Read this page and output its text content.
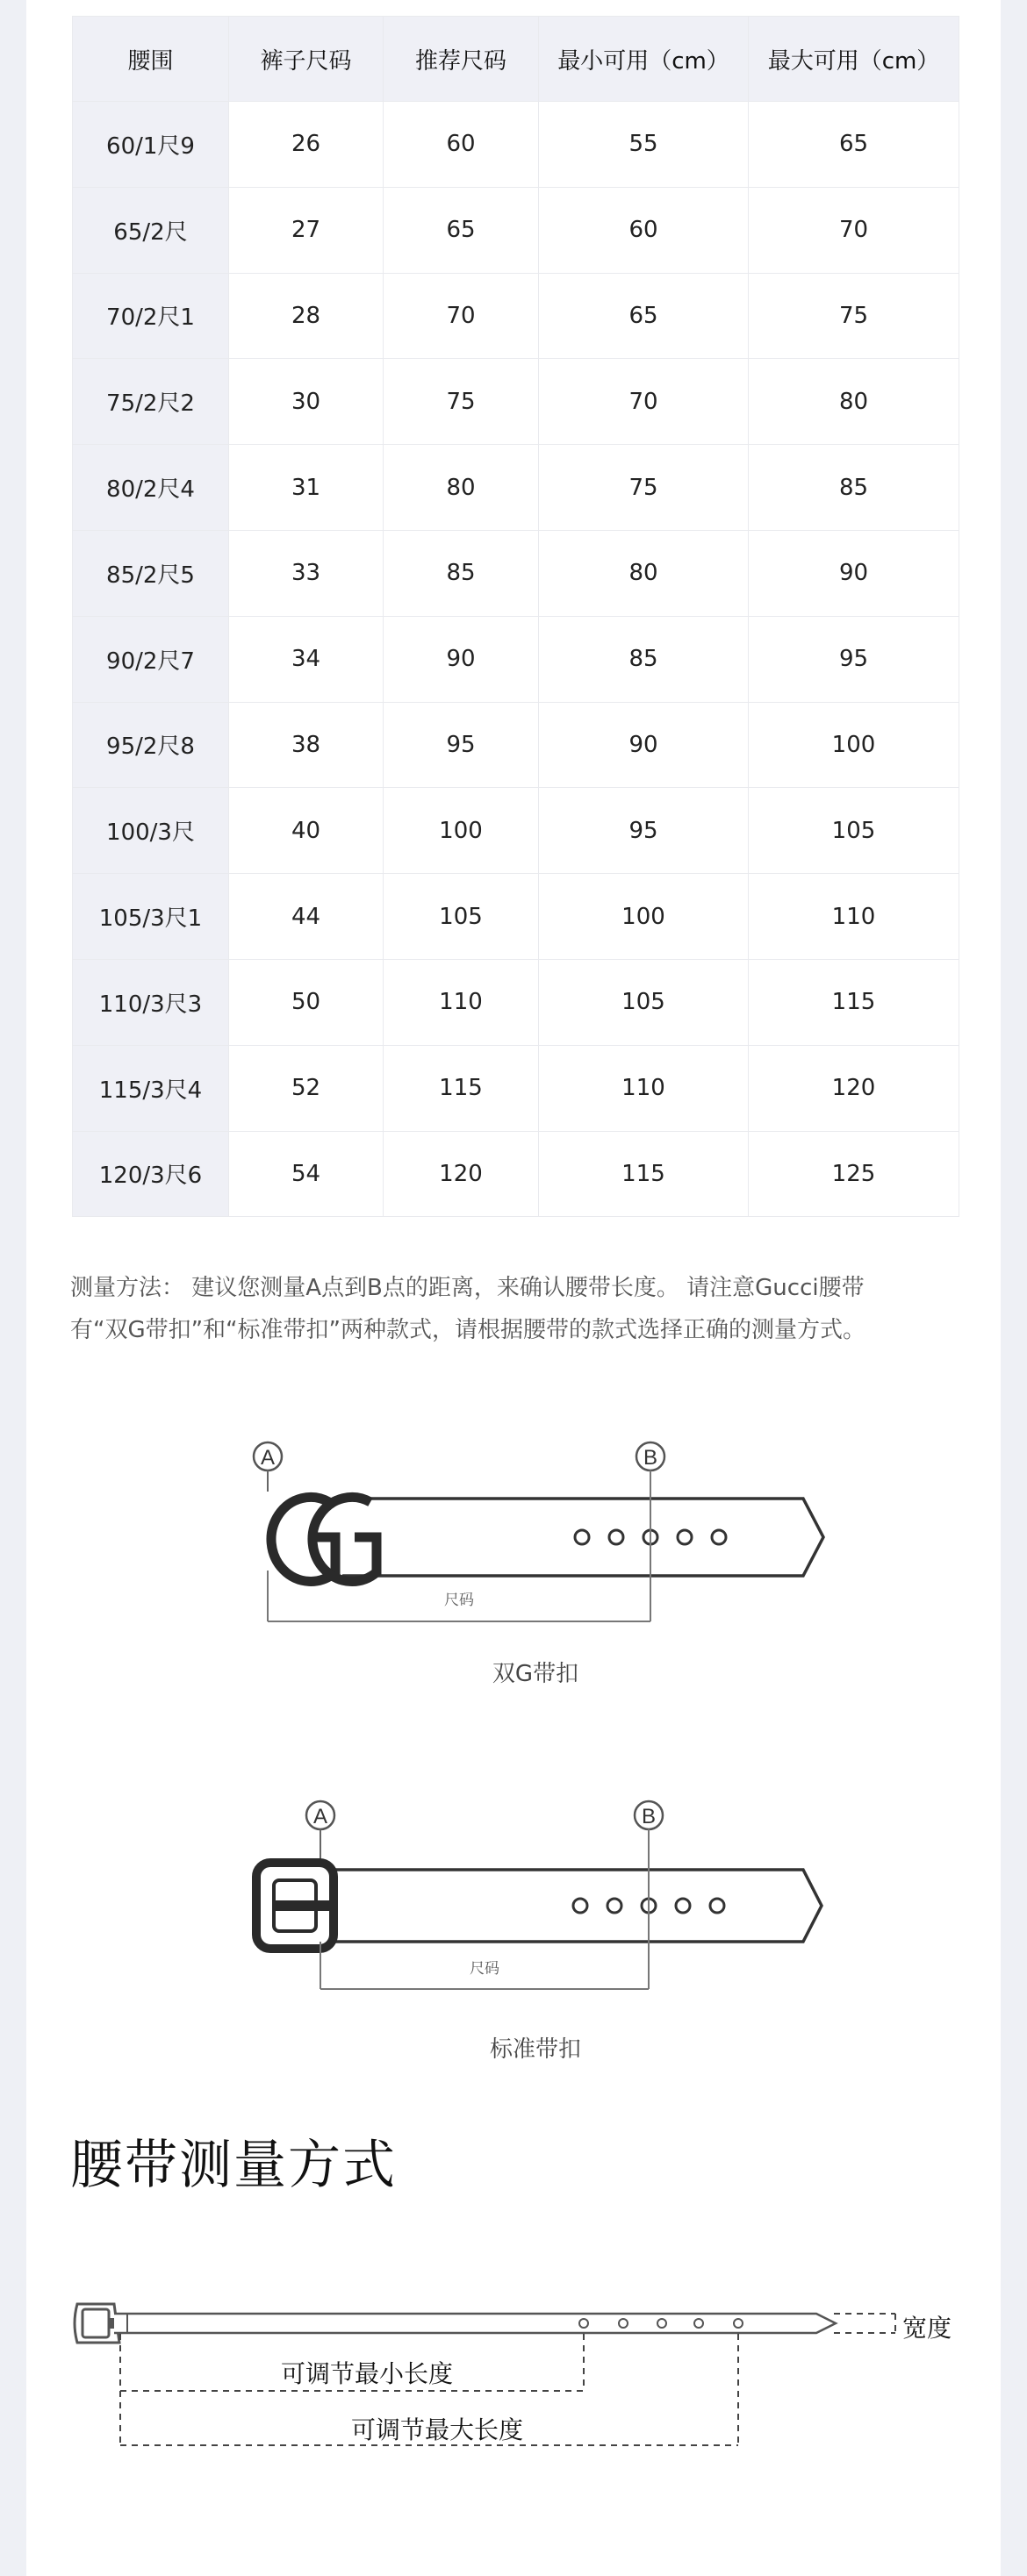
腰围	裤子尺码	推荐尺码	最小可用（cm）	最大可用（cm）
60/1尺9	26	60	55	65
65/2尺	27	65	60	70
70/2尺1	28	70	65	75
75/2尺2	30	75	70	80
80/2尺4	31	80	75	85
85/2尺5	33	85	80	90
90/2尺7	34	90	85	95
95/2尺8	38	95	90	100
100/3尺	40	100	95	105
105/3尺1	44	105	100	110
110/3尺3	50	110	105	115
115/3尺4	52	115	110	120
120/3尺6	54	120	115	125
测量方法： 建议您测量A点到B点的距离，来确认腰带长度。 请注意Gucci腰带
有“双G带扣”和“标准带扣”两种款式，请根据腰带的款式选择正确的测量方式。
A	B
尺码
双G带扣
A	B
尺码
标准带扣
腰带测量方式
宽度
可调节最小长度
可调节最大长度
